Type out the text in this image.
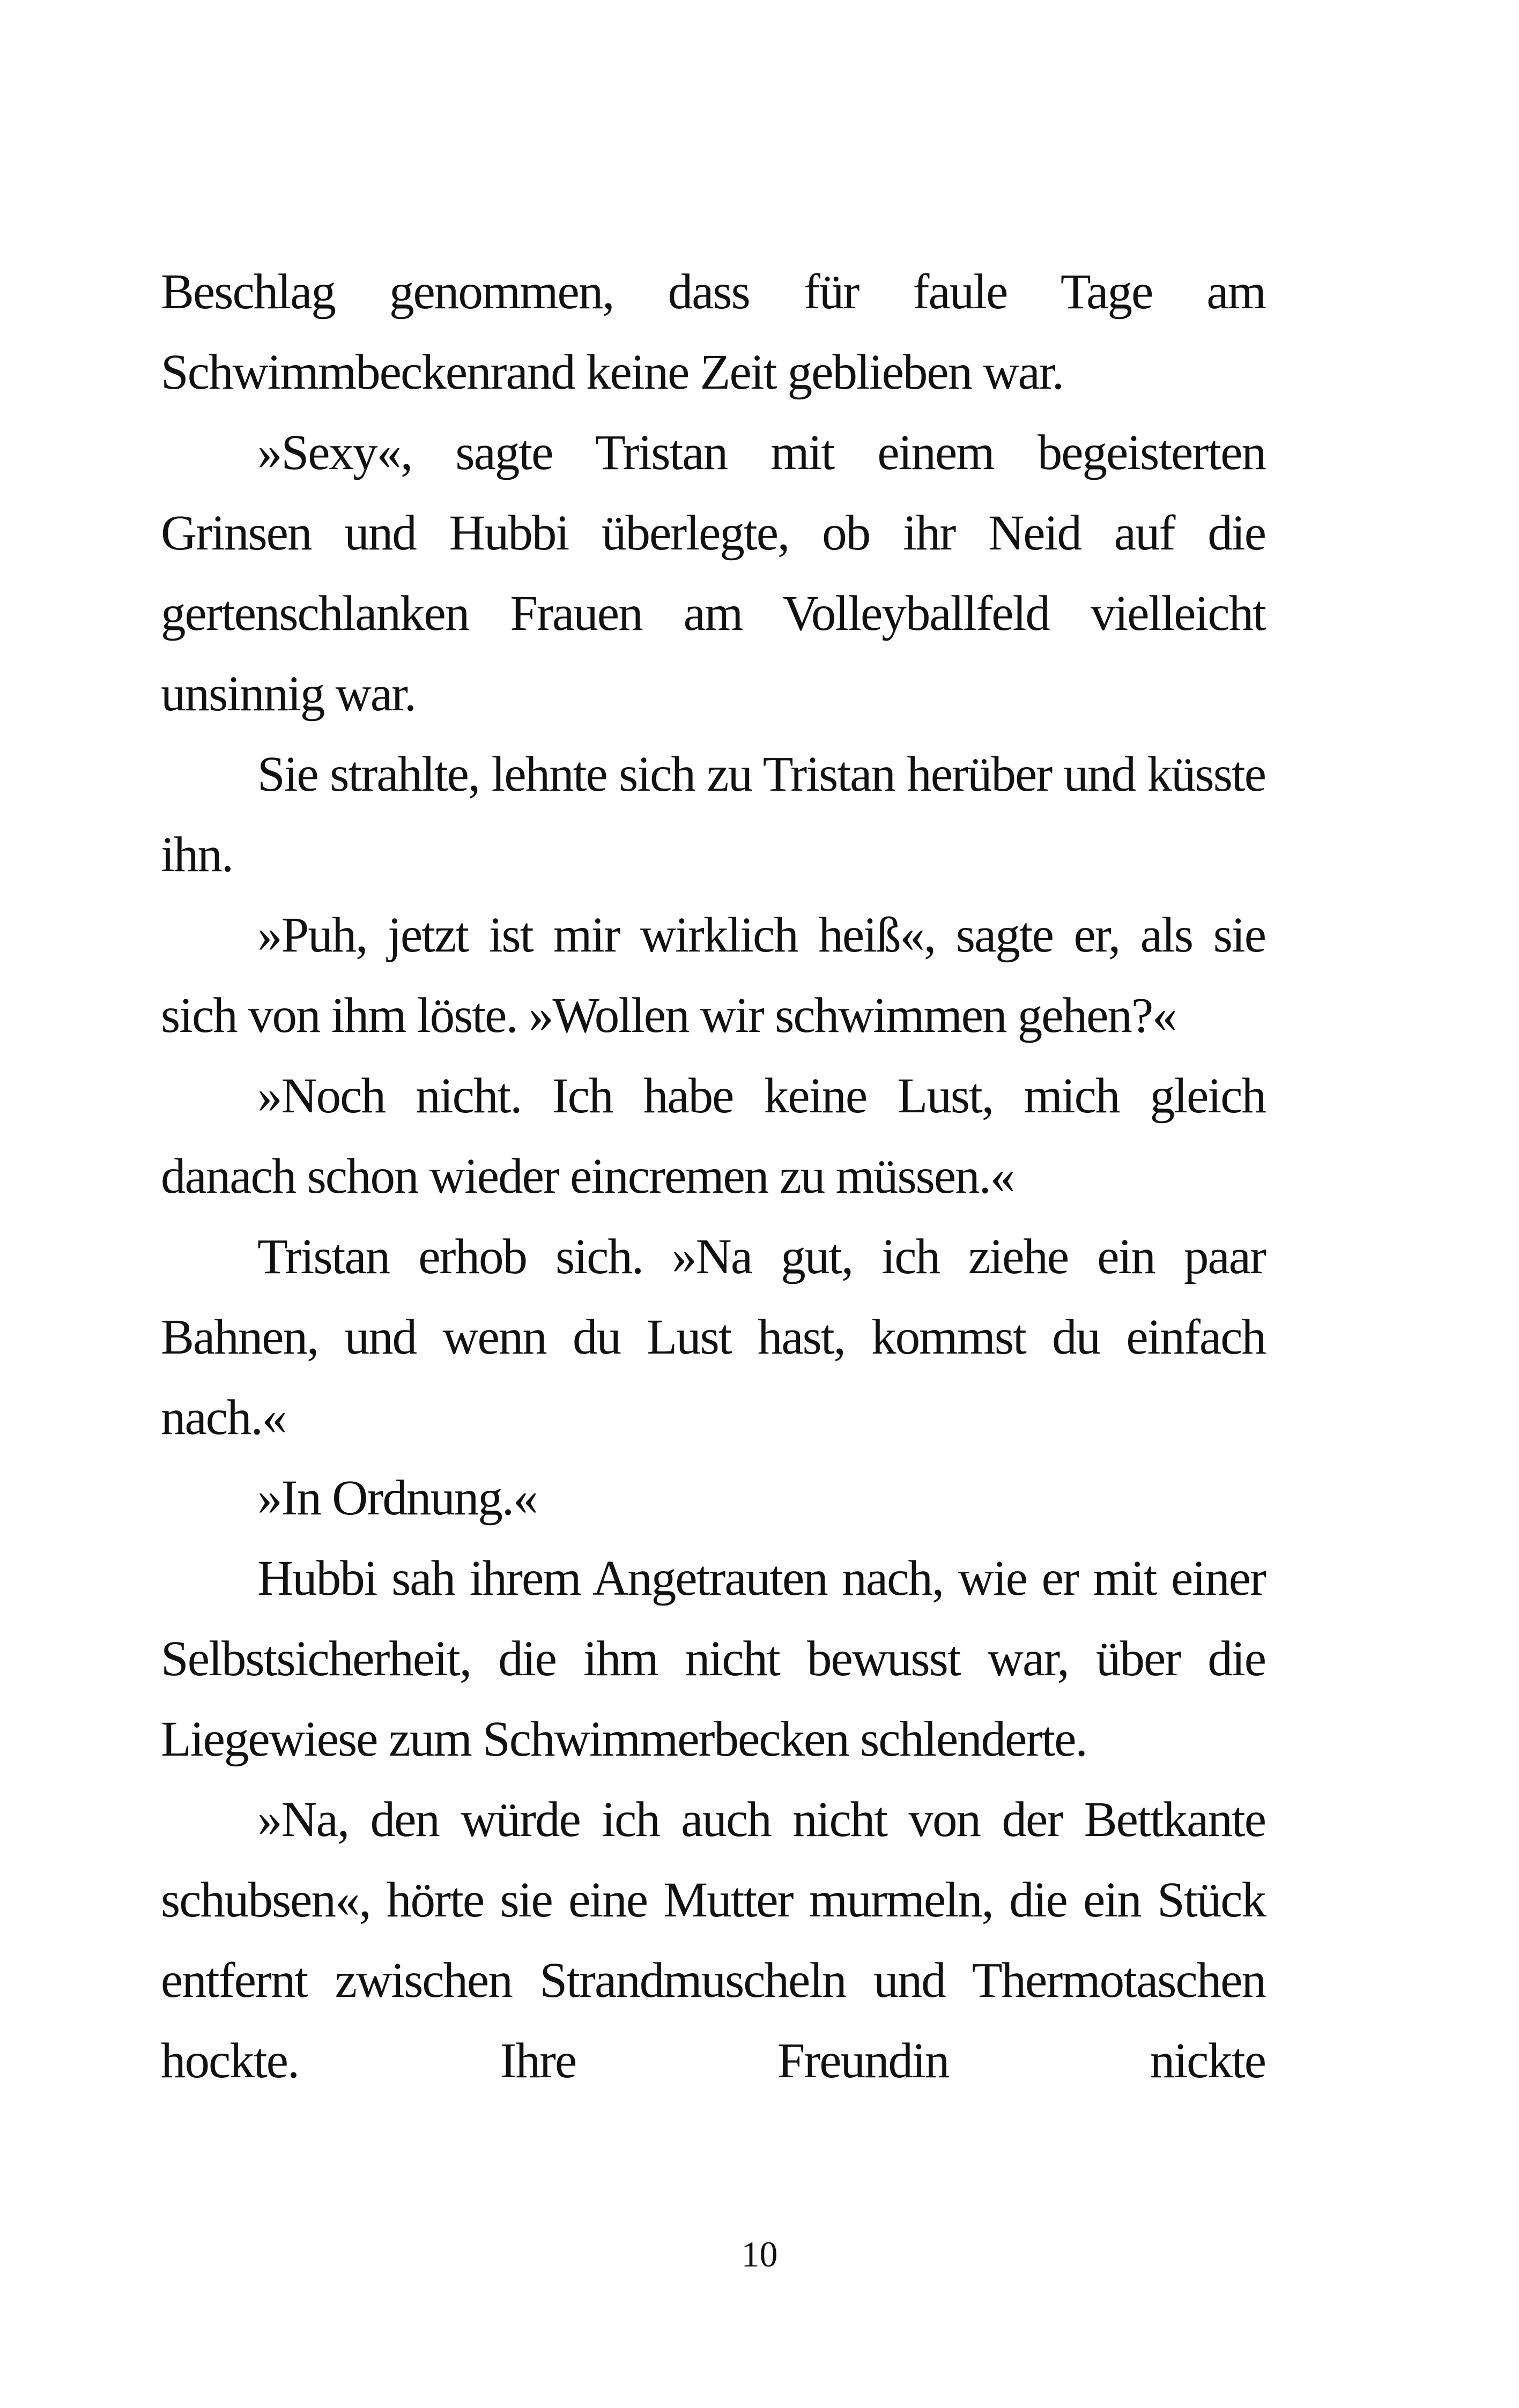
Beschlag genommen, dass für faule Tage am Schwimmbeckenrand keine Zeit geblieben war.

»Sexy«, sagte Tristan mit einem begeisterten Grinsen und Hubbi überlegte, ob ihr Neid auf die gertenschlanken Frauen am Volleyballfeld vielleicht unsinnig war.

Sie strahlte, lehnte sich zu Tristan herüber und küsste ihn.

»Puh, jetzt ist mir wirklich heiß«, sagte er, als sie sich von ihm löste. »Wollen wir schwimmen gehen?«

»Noch nicht. Ich habe keine Lust, mich gleich danach schon wieder eincremen zu müssen.«

Tristan erhob sich. »Na gut, ich ziehe ein paar Bahnen, und wenn du Lust hast, kommst du einfach nach.«

»In Ordnung.«

Hubbi sah ihrem Angetrauten nach, wie er mit einer Selbstsicherheit, die ihm nicht bewusst war, über die Liegewiese zum Schwimmerbecken schlenderte.

»Na, den würde ich auch nicht von der Bettkante schubsen«, hörte sie eine Mutter murmeln, die ein Stück entfernt zwischen Strandmuscheln und Thermotaschen hockte. Ihre Freundin nickte

10
